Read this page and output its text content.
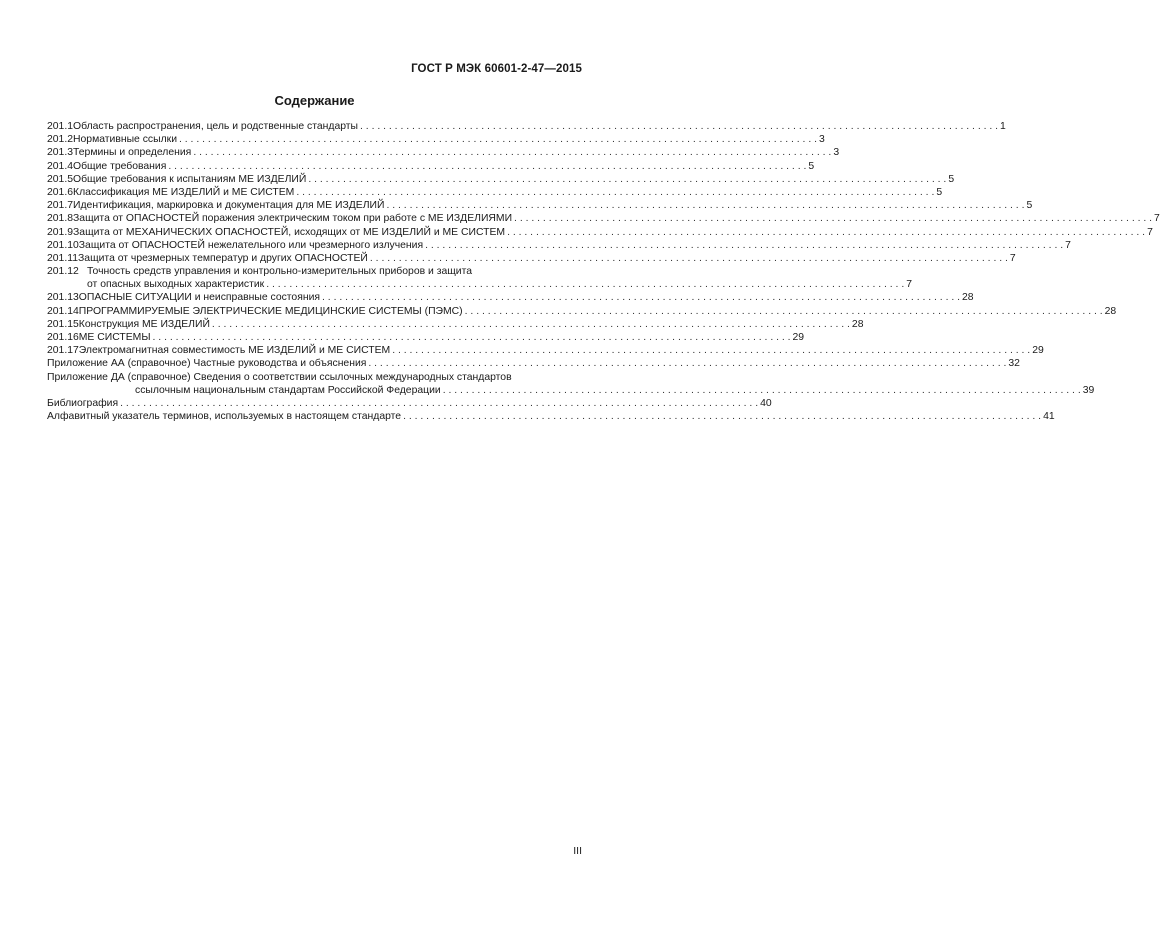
ГОСТ Р МЭК 60601-2-47—2015
Содержание
201.1 Область распространения, цель и родственные стандарты . . .	1
201.2 Нормативные ссылки . . .	3
201.3 Термины и определения . . .	3
201.4 Общие требования . . .	5
201.5 Общие требования к испытаниям МЕ ИЗДЕЛИЙ . . .	5
201.6 Классификация МЕ ИЗДЕЛИЙ и МЕ СИСТЕМ . . .	5
201.7 Идентификация, маркировка и документация для МЕ ИЗДЕЛИЙ . . .	5
201.8 Защита от ОПАСНОСТЕЙ поражения электрическим током при работе с МЕ ИЗДЕЛИЯМИ . . .	7
201.9 Защита от МЕХАНИЧЕСКИХ ОПАСНОСТЕЙ, исходящих от МЕ ИЗДЕЛИЙ и МЕ СИСТЕМ . . .	7
201.10 Защита от ОПАСНОСТЕЙ нежелательного или чрезмерного излучения . . .	7
201.11 Защита от чрезмерных температур и других ОПАСНОСТЕЙ . . .	7
201.12 Точность средств управления и контрольно-измерительных приборов и защита
от опасных выходных характеристик . . .	7
201.13 ОПАСНЫЕ СИТУАЦИИ и неисправные состояния . . .	28
201.14 ПРОГРАММИРУЕМЫЕ ЭЛЕКТРИЧЕСКИЕ МЕДИЦИНСКИЕ СИСТЕМЫ (ПЭМС) . . .	28
201.15 Конструкция МЕ ИЗДЕЛИЙ . . .	28
201.16 МЕ СИСТЕМЫ . . .	29
201.17 Электромагнитная совместимость МЕ ИЗДЕЛИЙ и МЕ СИСТЕМ . . .	29
Приложение АА (справочное) Частные руководства и объяснения . . .	32
Приложение ДА (справочное) Сведения о соответствии ссылочных международных стандартов
ссылочным национальным стандартам Российской Федерации . . .	39
Библиография . . .	40
Алфавитный указатель терминов, используемых в настоящем стандарте . . .	41
III
